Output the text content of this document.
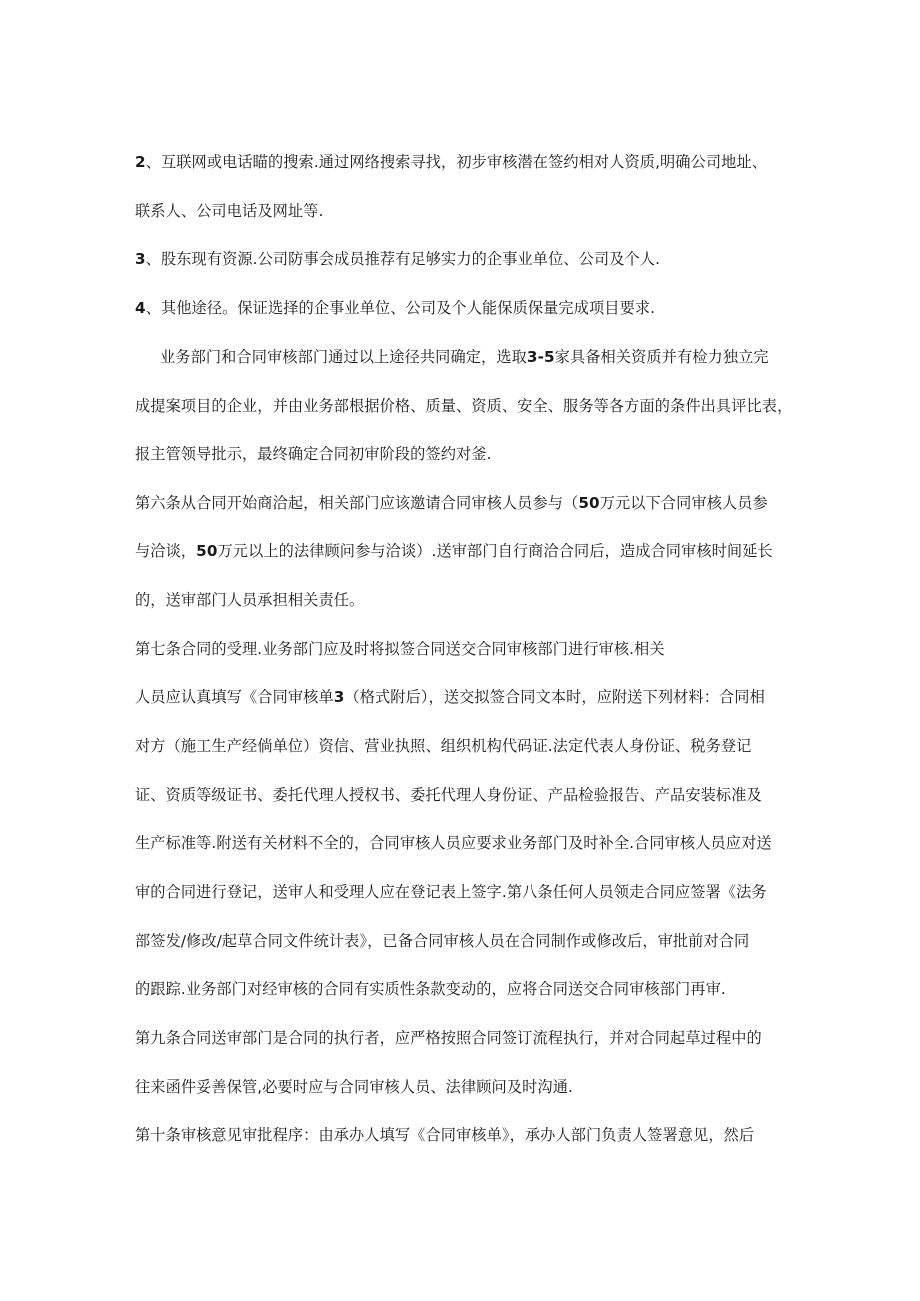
2、互联网或电话瞄的搜索.通过网络搜索寻找，初步审核潜在签约相对人资质,明确公司地址、
联系人、公司电话及网址等.
3、股东现有资源.公司防事会成员推荐有足够实力的企事业单位、公司及个人.
4、其他途径。保证选择的企事业单位、公司及个人能保质保量完成项目要求.
业务部门和合同审核部门通过以上途径共同确定，选取3-5家具备相关资质并有检力独立完
成提案项目的企业，并由业务部根据价格、质量、资质、安全、服务等各方面的条件出具评比表，
报主管领导批示，最终确定合同初审阶段的签约对釜.
第六条从合同开始商洽起，相关部门应该邀请合同审核人员参与（50万元以下合同审核人员参
与洽谈，50万元以上的法律顾问参与洽谈）.送审部门自行商洽合同后，造成合同审核时间延长
的，送审部门人员承担相关责任。
第七条合同的受理.业务部门应及时将拟签合同送交合同审核部门进行审核.相关
人员应认真填写《合同审核单3（格式附后），送交拟签合同文本时，应附送下列材料：合同相
对方（施工生产经倘单位）资信、营业执照、组织机构代码证.法定代表人身份证、税务登记
证、资质等级证书、委托代理人授权书、委托代理人身份证、产品检验报告、产品安装标准及
生产标准等.附送有关材料不全的，合同审核人员应要求业务部门及时补全.合同审核人员应对送
审的合同进行登记，送审人和受理人应在登记表上签字.第八条任何人员领走合同应签署《法务
部签发/修改/起草合同文件统计表》，已备合同审核人员在合同制作或修改后，审批前对合同
的跟踪.业务部门对经审核的合同有实质性条款变动的，应将合同送交合同审核部门再审.
第九条合同送审部门是合同的执行者，应严格按照合同签订流程执行，并对合同起草过程中的
往来函件妥善保管,必要时应与合同审核人员、法律顾问及时沟通.
第十条审核意见审批程序：由承办人填写《合同审核单》，承办人部门负责人签署意见，然后
